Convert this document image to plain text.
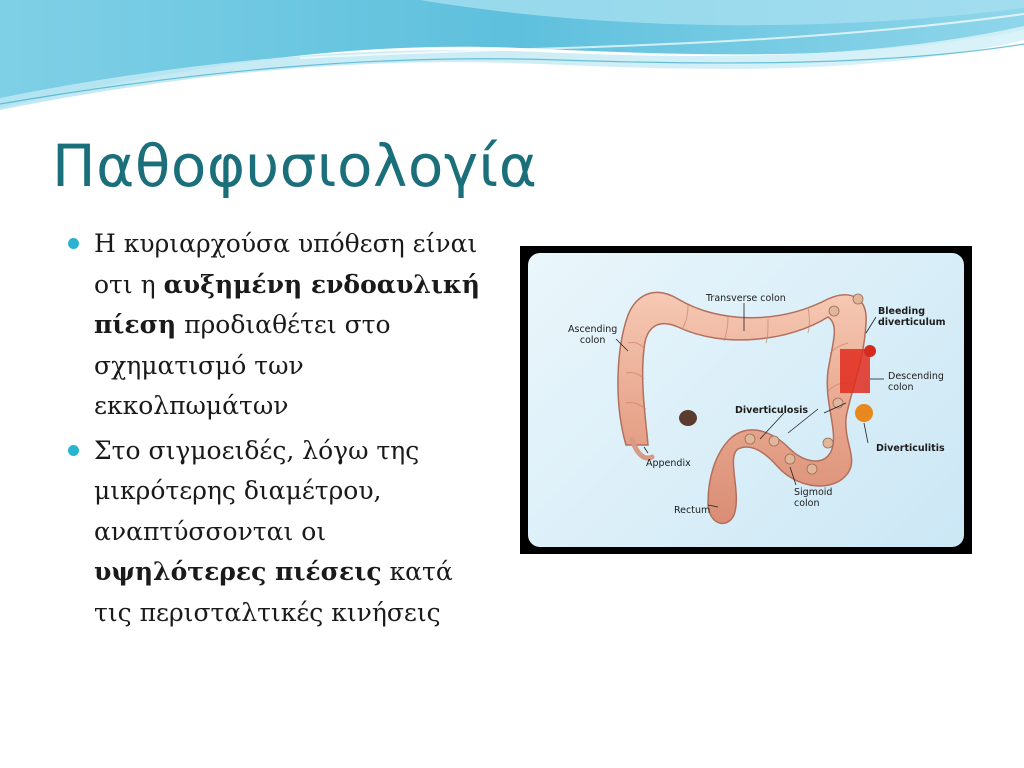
Παθοφυσιολογία
Η κυριαρχούσα υπόθεση είναι οτι η αυξημένη ενδοαυλική πίεση προδιαθέτει στο σχηματισμό των εκκολπωμάτων
Στο σιγμοειδές, λόγω της μικρότερης διαμέτρου, αναπτύσσονται οι υψηλότερες πιέσεις κατά τις περισταλτικές κινήσεις
Transverse colon
Ascending
colon
Bleeding
diverticulum
Descending
colon
Diverticulosis
Diverticulitis
Appendix
Sigmoid
colon
Rectum
